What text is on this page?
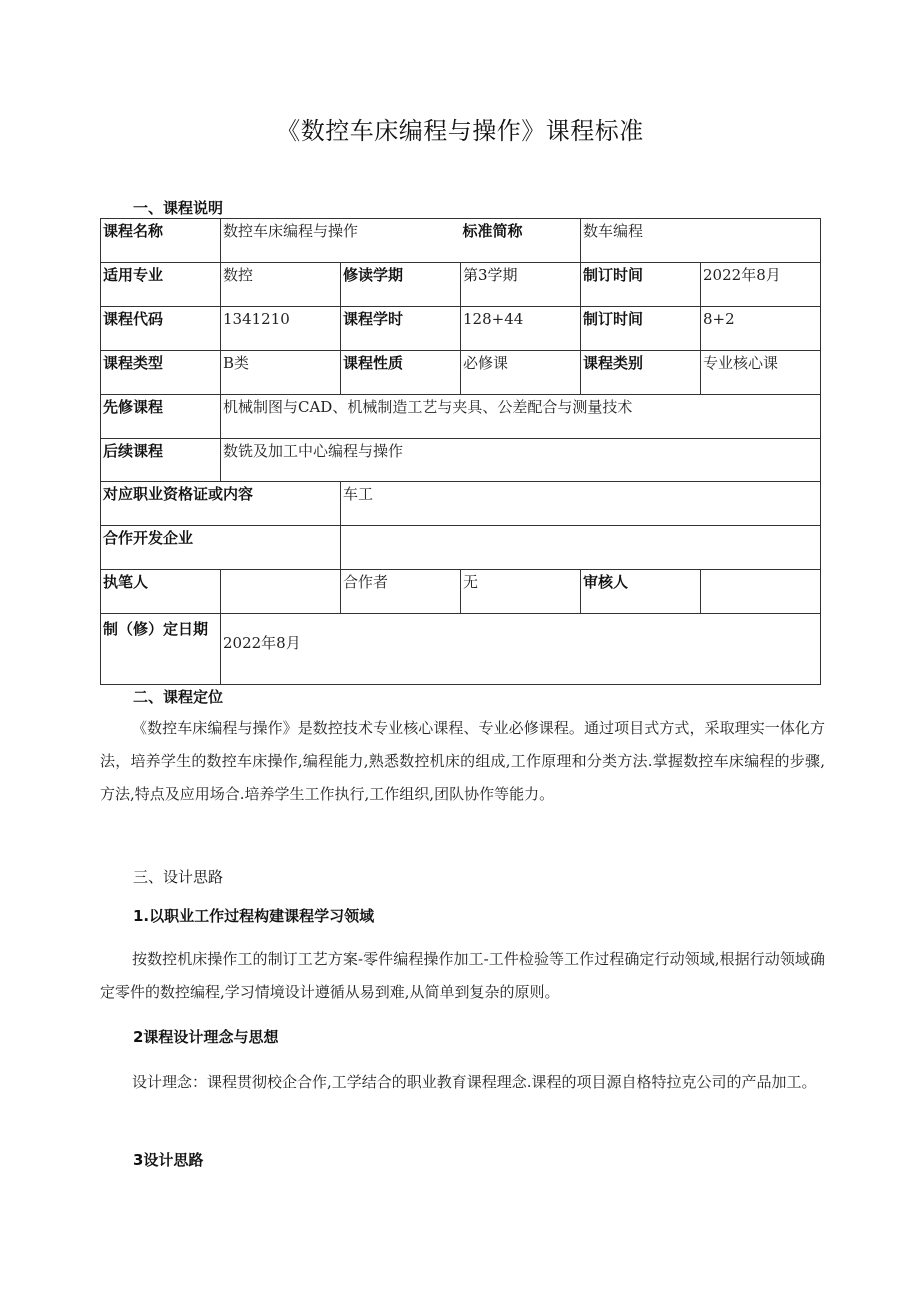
《数控车床编程与操作》课程标准
一、课程说明
课程名称	数控车床编程与操作		标准简称	数车编程	
适用专业	数控	修读学期	第3学期	制订时间	2022年8月
课程代码	1341210	课程学时	128+44	制订时间	8+2
课程类型	B类	课程性质	必修课	课程类别	专业核心课
先修课程	机械制图与CAD、机械制造工艺与夹具、公差配合与测量技术				
后续课程	数铣及加工中心编程与操作				
对应职业资格证或内容		车工			
合作开发企业					
执笔人		合作者	无	审核人	
制（修）定日期	2022年8月				
二、课程定位
《数控车床编程与操作》是数控技术专业核心课程、专业必修课程。通过项目式方式，采取理实一体化方法，培养学生的数控车床操作,编程能力,熟悉数控机床的组成,工作原理和分类方法.掌握数控车床编程的步骤,方法,特点及应用场合.培养学生工作执行,工作组织,团队协作等能力。
三、设计思路
1.以职业工作过程构建课程学习领域
按数控机床操作工的制订工艺方案-零件编程操作加工-工件检验等工作过程确定行动领域,根据行动领域确定零件的数控编程,学习情境设计遵循从易到难,从简单到复杂的原则。
2课程设计理念与思想
设计理念：课程贯彻校企合作,工学结合的职业教育课程理念.课程的项目源自格特拉克公司的产品加工。
3设计思路
